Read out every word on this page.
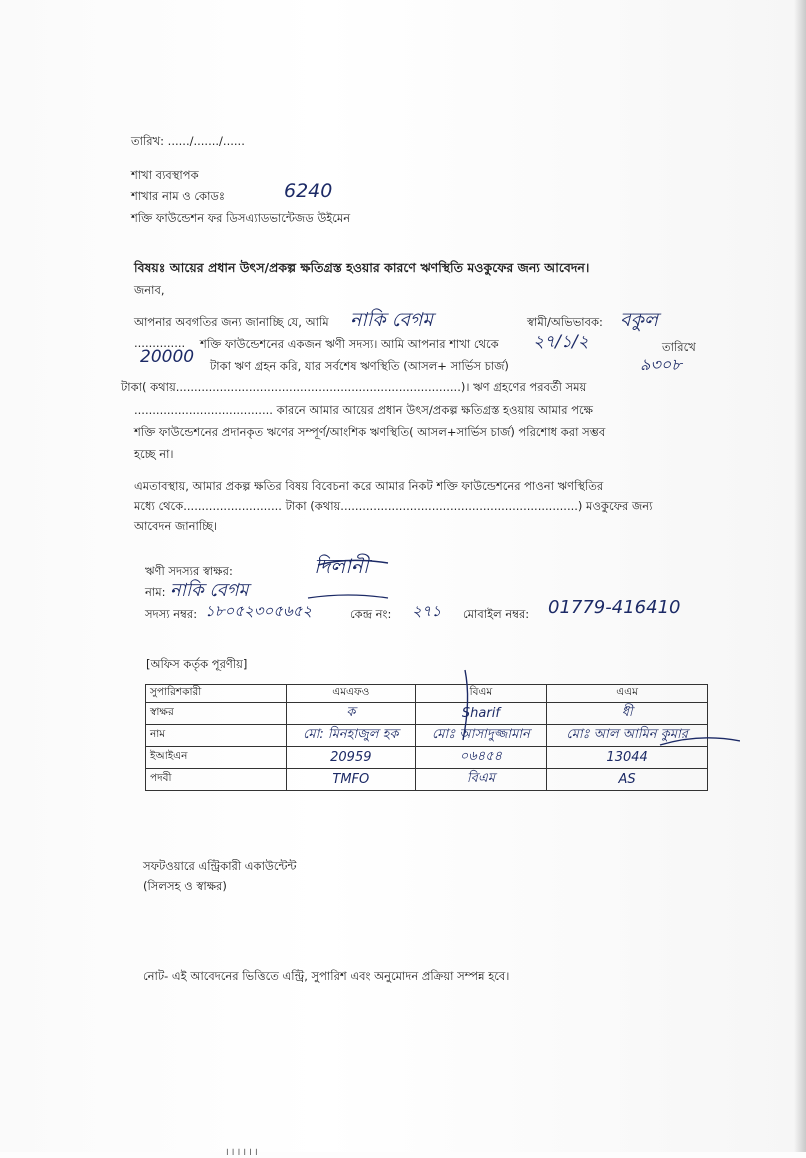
তারিখ: ....../......./......
শাখা ব্যবস্থাপক
শাখার নাম ও কোডঃ	6240
শক্তি ফাউন্ডেশন ফর ডিসএ্যাডভান্টেজড উইমেন
বিষয়ঃ আয়ের প্রধান উৎস/প্রকল্প ক্ষতিগ্রস্ত হওয়ার কারণে ঋণস্থিতি মওকুফের জন্য আবেদন।
জনাব,
আপনার অবগতির জন্য জানাচ্ছি যে, আমি নাকি বেগম	স্বামী/অভিভাবক: বকুল
.............. শক্তি ফাউন্ডেশনের একজন ঋণী সদস্য। আমি আপনার শাখা থেকে ২৭/১/২	তারিখে
20000 টাকা ঋণ গ্রহন করি, যার সর্বশেষ ঋণস্থিতি (আসল+ সার্ভিস চার্জ)	৯৩০৮
টাকা( কথায়..............................................................................)। ঋণ গ্রহণের পরবর্তী সময়
...................................... কারনে আমার আয়ের প্রধান উৎস/প্রকল্প ক্ষতিগ্রস্ত হওয়ায় আমার পক্ষে
শক্তি ফাউন্ডেশনের প্রদানকৃত ঋণের সম্পূর্ণ/আংশিক ঋণস্থিতি( আসল+সার্ভিস চার্জ) পরিশোধ করা সম্ভব
হচ্ছে না।
এমতাবস্থায়, আমার প্রকল্প ক্ষতির বিষয় বিবেচনা করে আমার নিকট শক্তি ফাউন্ডেশনের পাওনা ঋণস্থিতির
মধ্যে থেকে........................... টাকা (কথায়.................................................................) মওকুফের জন্য
আবেদন জানাচ্ছি।
ঋণী সদস্যর স্বাক্ষর:	দিলানী
নাম: নাকি বেগম
সদস্য নম্বর: ১৮০৫২৩০৫৬৫২	কেন্দ্র নং: ২৭১ মোবাইল নম্বর: 01779-416410
[অফিস কর্তৃক পূরণীয়]
সুপারিশকারী	এমএফও	বিএম	এএম
স্বাক্ষর	ক	Sharif	ধী

নাম	মো: মিনহাজুল হক	মোঃ আসাদুজ্জামান	মোঃ আল আমিন কুমার

ইআইএন	20959	০৬৪৫৪	13044

পদবী	TMFO	বিএম	AS
সফটওয়ারে এন্ট্রিকারী একাউন্টেন্ট
(সিলসহ ও স্বাক্ষর)
নোট- এই আবেদনের ভিত্তিতে এন্ট্রি, সুপারিশ এবং অনুমোদন প্রক্রিয়া সম্পন্ন হবে।
।।।।।।
